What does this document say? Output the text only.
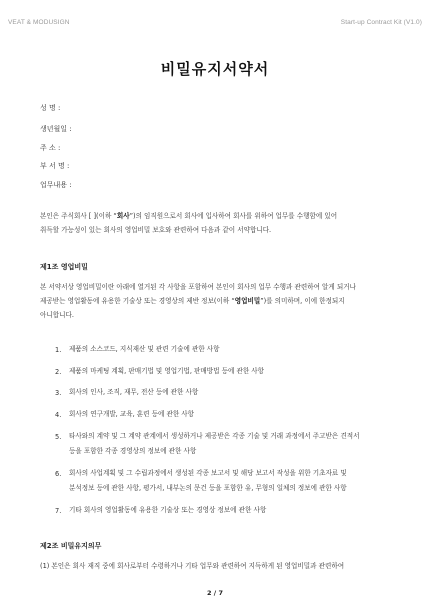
VEAT & MODUSIGN	Start-up Contract Kit (V1.0)
비밀유지서약서
성 명 :
생년월일 :
주 소 :
부 서 명 :
업무내용 :
본인은 주식회사 [ ](이하 “회사”)의 임직원으로서 회사에 입사하여 회사를 위하여 업무를 수행함에 있어
취득할 가능성이 있는 회사의 영업비밀 보호와 관련하여 다음과 같이 서약합니다.
제1조 영업비밀
본 서약서상 영업비밀이란 아래에 열거된 각 사항을 포함하여 본인이 회사의 업무 수행과 관련하여 알게 되거나
제공받는 영업활동에 유용한 기술상 또는 경영상의 제반 정보(이하 “영업비밀”)를 의미하며, 이에 한정되지
아니합니다.
1. 제품의 소스코드, 지식재산 및 관련 기술에 관한 사항
2. 제품의 마케팅 계획, 판매기법 및 영업기법, 판매방법 등에 관한 사항
3. 회사의 인사, 조직, 재무, 전산 등에 관한 사항
4. 회사의 연구개발, 교육, 훈련 등에 관한 사항
5. 타사와의 계약 및 그 계약 관계에서 생성하거나 제공받은 각종 기술 및 거래 과정에서 주고받은 견적서
등을 포함한 각종 경영상의 정보에 관한 사항
6. 회사의 사업계획 및 그 수립과정에서 생성된 각종 보고서 및 해당 보고서 작성을 위한 기초자료 및
분석정보 등에 관한 사항, 평가서, 내부논의 문건 등을 포함한 유, 무형의 일체의 정보에 관한 사항
7. 기타 회사의 영업활동에 유용한 기술상 또는 경영상 정보에 관한 사항
제2조 비밀유지의무
(1) 본인은 회사 재직 중에 회사로부터 수령하거나 기타 업무와 관련하여 지득하게 된 영업비밀과 관련하여
2 / 7
